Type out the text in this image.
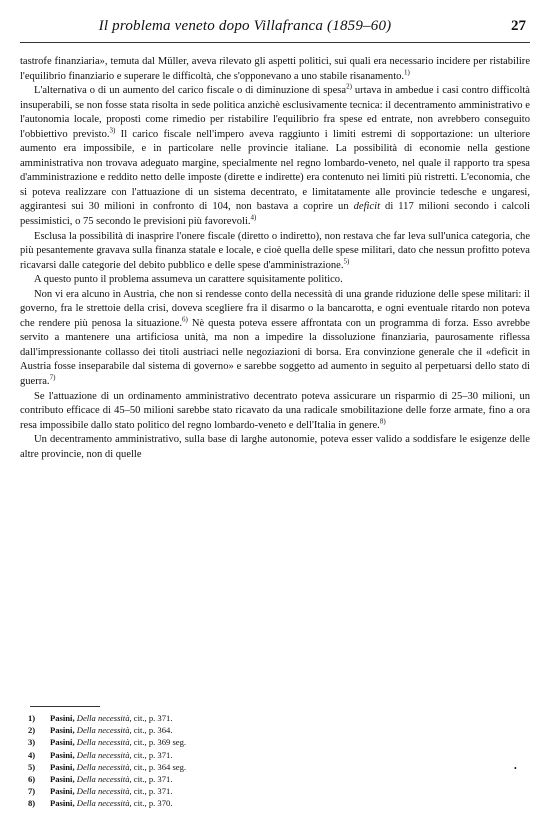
Il problema veneto dopo Villafranca (1859–60)	27

tastrofe finanziaria», temuta dal Müller, aveva rilevato gli aspetti politici, sui quali era necessario incidere per ristabilire l'equilibrio finanziario e superare le difficoltà, che s'opponevano a uno stabile risanamento.$^{1)}$

L'alternativa o di un aumento del carico fiscale o di diminuzione di spesa$^{2)}$ urtava in ambedue i casi contro difficoltà insuperabili, se non fosse stata risolta in sede politica anzichè esclusivamente tecnica: il decentramento amministrativo e l'autonomia locale, proposti come rimedio per ristabilire l'equilibrio fra spese ed entrate, non avrebbero conseguito l'obbiettivo previsto.$^{3)}$ Il carico fiscale nell'impero aveva raggiunto i limiti estremi di sopportazione: un ulteriore aumento era impossibile, e in particolare nelle provincie italiane. La possibilità di economie nella gestione amministrativa non trovava adeguato margine, specialmente nel regno lombardo-veneto, nel quale il rapporto tra spesa d'amministrazione e reddito netto delle imposte (dirette e indirette) era contenuto nei limiti più ristretti. L'economia, che si poteva realizzare con l'attuazione di un sistema decentrato, e limitatamente alle provincie tedesche e ungaresi, aggirantesi sui 30 milioni in confronto di 104, non bastava a coprire un deficit di 117 milioni secondo i calcoli pessimistici, o 75 secondo le previsioni più favorevoli.$^{4)}$

Esclusa la possibilità di inasprire l'onere fiscale (diretto o indiretto), non restava che far leva sull'unica categoria, che più pesantemente gravava sulla finanza statale e locale, e cioè quella delle spese militari, dato che nessun profitto poteva ricavarsi dalle categorie del debito pubblico e delle spese d'amministrazione.$^{5)}$

A questo punto il problema assumeva un carattere squisitamente politico.

Non vi era alcuno in Austria, che non si rendesse conto della necessità di una grande riduzione delle spese militari: il governo, fra le strettoie della crisi, doveva scegliere fra il disarmo o la bancarotta, e ogni eventuale ritardo non poteva che rendere più penosa la situazione.$^{6)}$ Nè questa poteva essere affrontata con un programma di forza. Esso avrebbe servito a mantenere una artificiosa unità, ma non a impedire la dissoluzione finanziaria, paurosamente riflessa dall'impressionante collasso dei titoli austriaci nelle negoziazioni di borsa. Era convinzione generale che il «deficit in Austria fosse inseparabile dal sistema di governo» e sarebbe soggetto ad aumento in seguito al perpetuarsi dello stato di guerra.$^{7)}$

Se l'attuazione di un ordinamento amministrativo decentrato poteva assicurare un risparmio di 25–30 milioni, un contributo efficace di 45–50 milioni sarebbe stato ricavato da una radicale smobilitazione delle forze armate, fino a ora resa impossibile dallo stato politico del regno lombardo-veneto e dell'Italia in genere.$^{8)}$

Un decentramento amministrativo, sulla base di larghe autonomie, poteva esser valido a soddisfare le esigenze delle altre provincie, non di quelle

1) Pasini, Della necessità, cit., p. 371.
2) Pasini, Della necessità, cit., p. 364.
3) Pasini, Della necessità, cit., p. 369 seg.
4) Pasini, Della necessità, cit., p. 371.
5) Pasini, Della necessità, cit., p. 364 seg.
6) Pasini, Della necessità, cit., p. 371.
7) Pasini, Della necessità, cit., p. 371.
8) Pasini, Della necessità, cit., p. 370.
•
